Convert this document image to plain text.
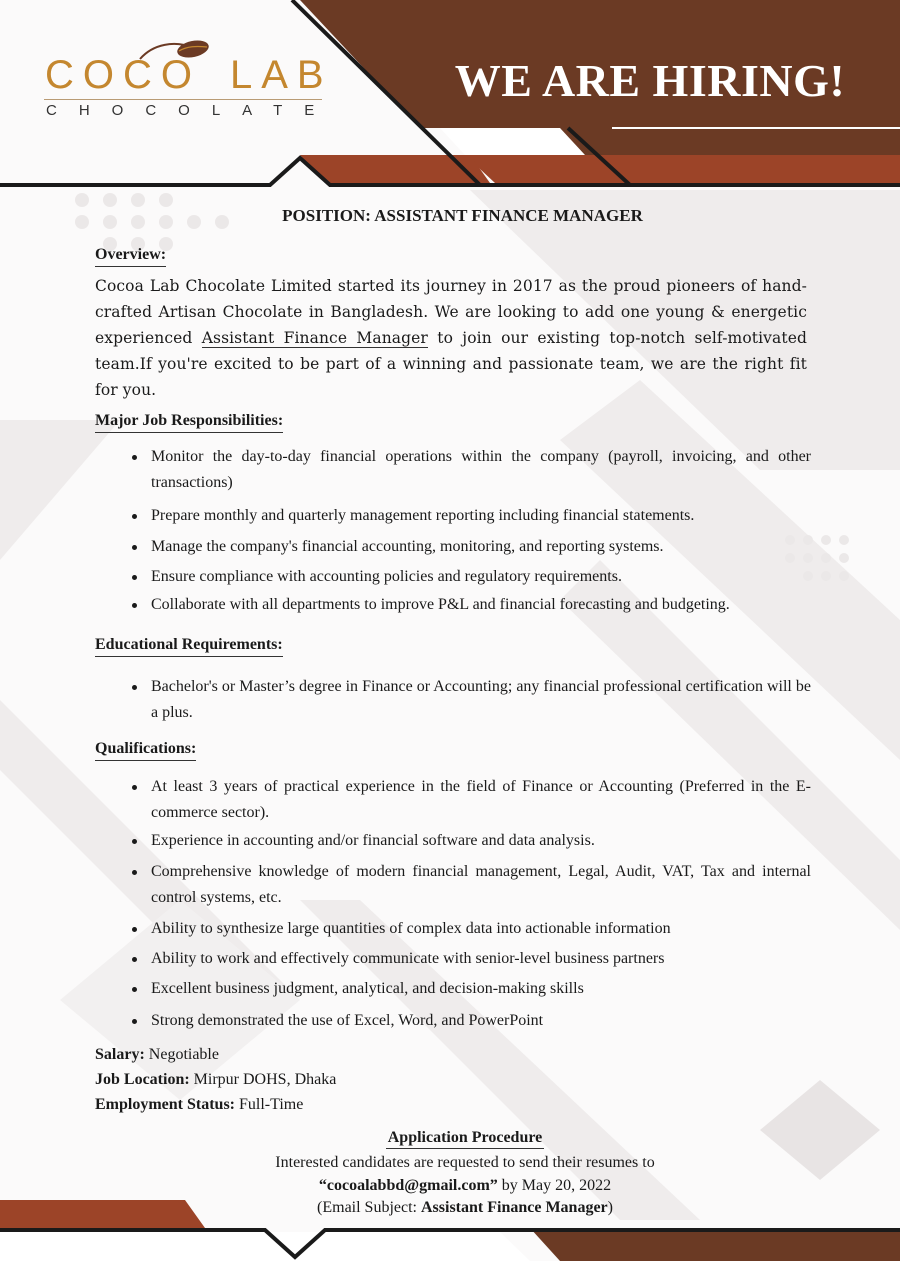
COCO LAB
CHOCOLATE
WE ARE HIRING!
POSITION: ASSISTANT FINANCE MANAGER
Overview:
Cocoa Lab Chocolate Limited started its journey in 2017 as the proud pioneers of hand-crafted Artisan Chocolate in Bangladesh. We are looking to add one young & energetic experienced Assistant Finance Manager to join our existing top-notch self-motivated team.If you're excited to be part of a winning and passionate team, we are the right fit for you.
Major Job Responsibilities:
Monitor the day-to-day financial operations within the company (payroll, invoicing, and other transactions)
Prepare monthly and quarterly management reporting including financial statements.
Manage the company's financial accounting, monitoring, and reporting systems.
Ensure compliance with accounting policies and regulatory requirements.
Collaborate with all departments to improve P&L and financial forecasting and budgeting.
Educational Requirements:
Bachelor's or Master’s degree in Finance or Accounting; any financial professional certification will be a plus.
Qualifications:
At least 3 years of practical experience in the field of Finance or Accounting (Preferred in the E-commerce sector).
Experience in accounting and/or financial software and data analysis.
Comprehensive knowledge of modern financial management, Legal, Audit, VAT, Tax and internal control systems, etc.
Ability to synthesize large quantities of complex data into actionable information
Ability to work and effectively communicate with senior-level business partners
Excellent business judgment, analytical, and decision-making skills
Strong demonstrated the use of Excel, Word, and PowerPoint
Salary: Negotiable
Job Location: Mirpur DOHS, Dhaka
Employment Status: Full-Time
Application Procedure
Interested candidates are requested to send their resumes to
“cocoalabbd@gmail.com” by May 20, 2022
(Email Subject: Assistant Finance Manager)
